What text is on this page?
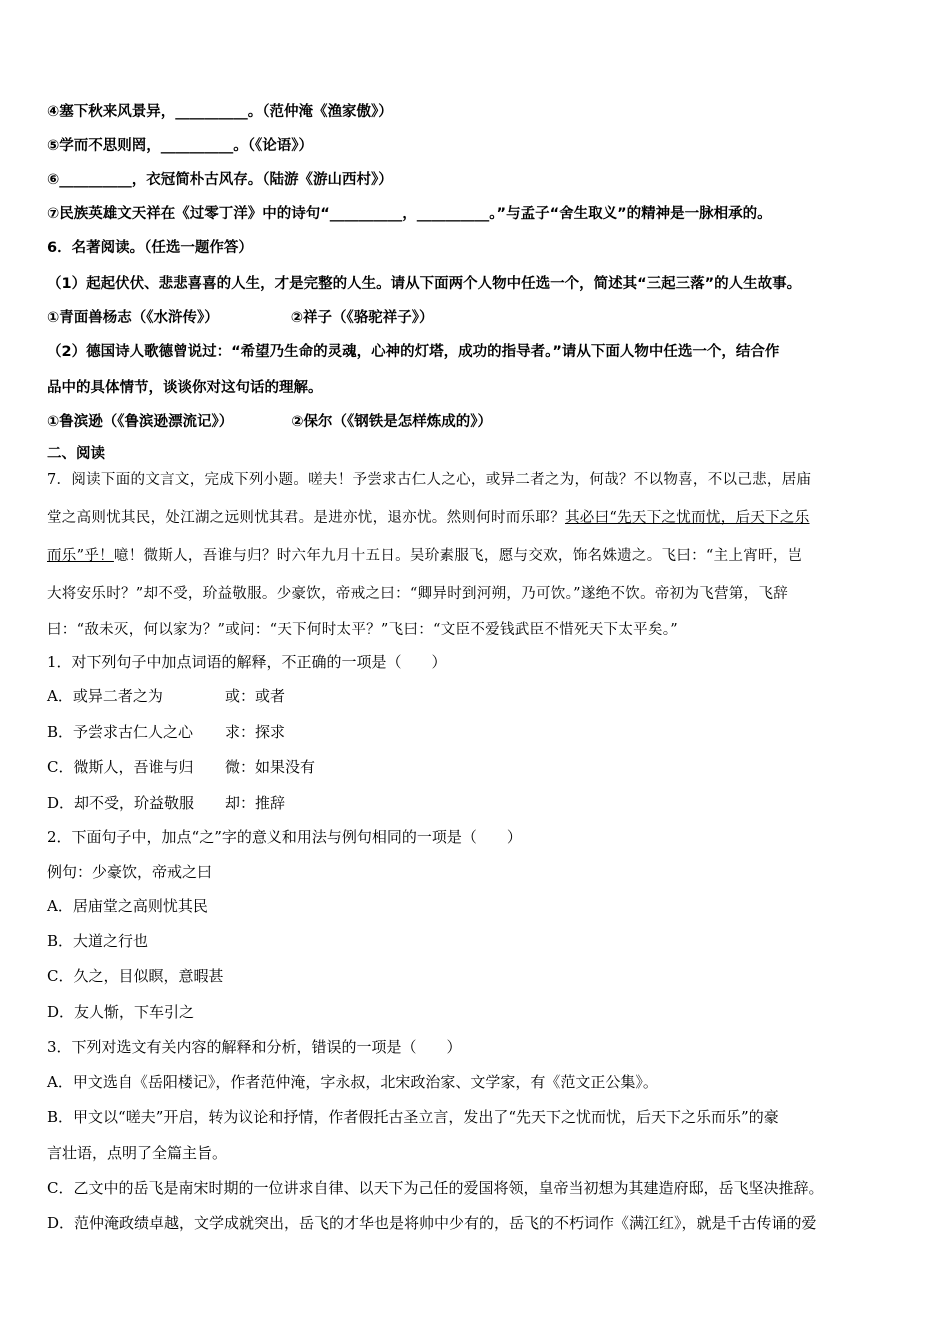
④塞下秋来风景异，__________。（范仲淹《渔家傲》）
⑤学而不思则罔，__________。（《论语》）
⑥__________，衣冠简朴古风存。（陆游《游山西村》）
⑦民族英雄文天祥在《过零丁洋》中的诗句“__________，__________。”与孟子“舍生取义”的精神是一脉相承的。
6．名著阅读。（任选一题作答）
（1）起起伏伏、悲悲喜喜的人生，才是完整的人生。请从下面两个人物中任选一个，简述其“三起三落”的人生故事。
①青面兽杨志（《水浒传》）	②祥子（《骆驼祥子》）
（2）德国诗人歌德曾说过：“希望乃生命的灵魂，心神的灯塔，成功的指导者。”请从下面人物中任选一个，结合作
品中的具体情节，谈谈你对这句话的理解。
①鲁滨逊（《鲁滨逊漂流记》）	②保尔（《钢铁是怎样炼成的》）
二、阅读
7．阅读下面的文言文，完成下列小题。嗟夫！予尝求古仁人之心，或异二者之为，何哉？不以物喜，不以己悲，居庙
堂之高则忧其民，处江湖之远则忧其君。是进亦忧，退亦忧。然则何时而乐耶？其必曰“先天下之忧而忧，后天下之乐
而乐”乎！噫！微斯人，吾谁与归？时六年九月十五日。吴玠素服飞，愿与交欢，饰名姝遗之。飞曰：“主上宵旰，岂
大将安乐时？”却不受，玠益敬服。少豪饮，帝戒之曰：“卿异时到河朔，乃可饮。”遂绝不饮。帝初为飞营第，飞辞
曰：“敌未灭，何以家为？”或问：“天下何时太平？”飞曰：“文臣不爱钱武臣不惜死天下太平矣。”
1．对下列句子中加点词语的解释，不正确的一项是（　　）
A．或异二者之为	或：或者
B．予尝求古仁人之心 求：探求
C．微斯人，吾谁与归 微：如果没有
D．却不受，玠益敬服 却：推辞
2．下面句子中，加点“之”字的意义和用法与例句相同的一项是（　　）
例句：少豪饮，帝戒之曰
A．居庙堂之高则忧其民
B．大道之行也
C．久之，目似瞑，意暇甚
D．友人惭，下车引之
3．下列对选文有关内容的解释和分析，错误的一项是（　　）
A．甲文选自《岳阳楼记》，作者范仲淹，字永叔，北宋政治家、文学家，有《范文正公集》。
B．甲文以“嗟夫”开启，转为议论和抒情，作者假托古圣立言，发出了“先天下之忧而忧，后天下之乐而乐”的豪
言壮语，点明了全篇主旨。
C．乙文中的岳飞是南宋时期的一位讲求自律、以天下为己任的爱国将领，皇帝当初想为其建造府邸，岳飞坚决推辞。
D．范仲淹政绩卓越，文学成就突出，岳飞的才华也是将帅中少有的，岳飞的不朽词作《满江红》，就是千古传诵的爱
